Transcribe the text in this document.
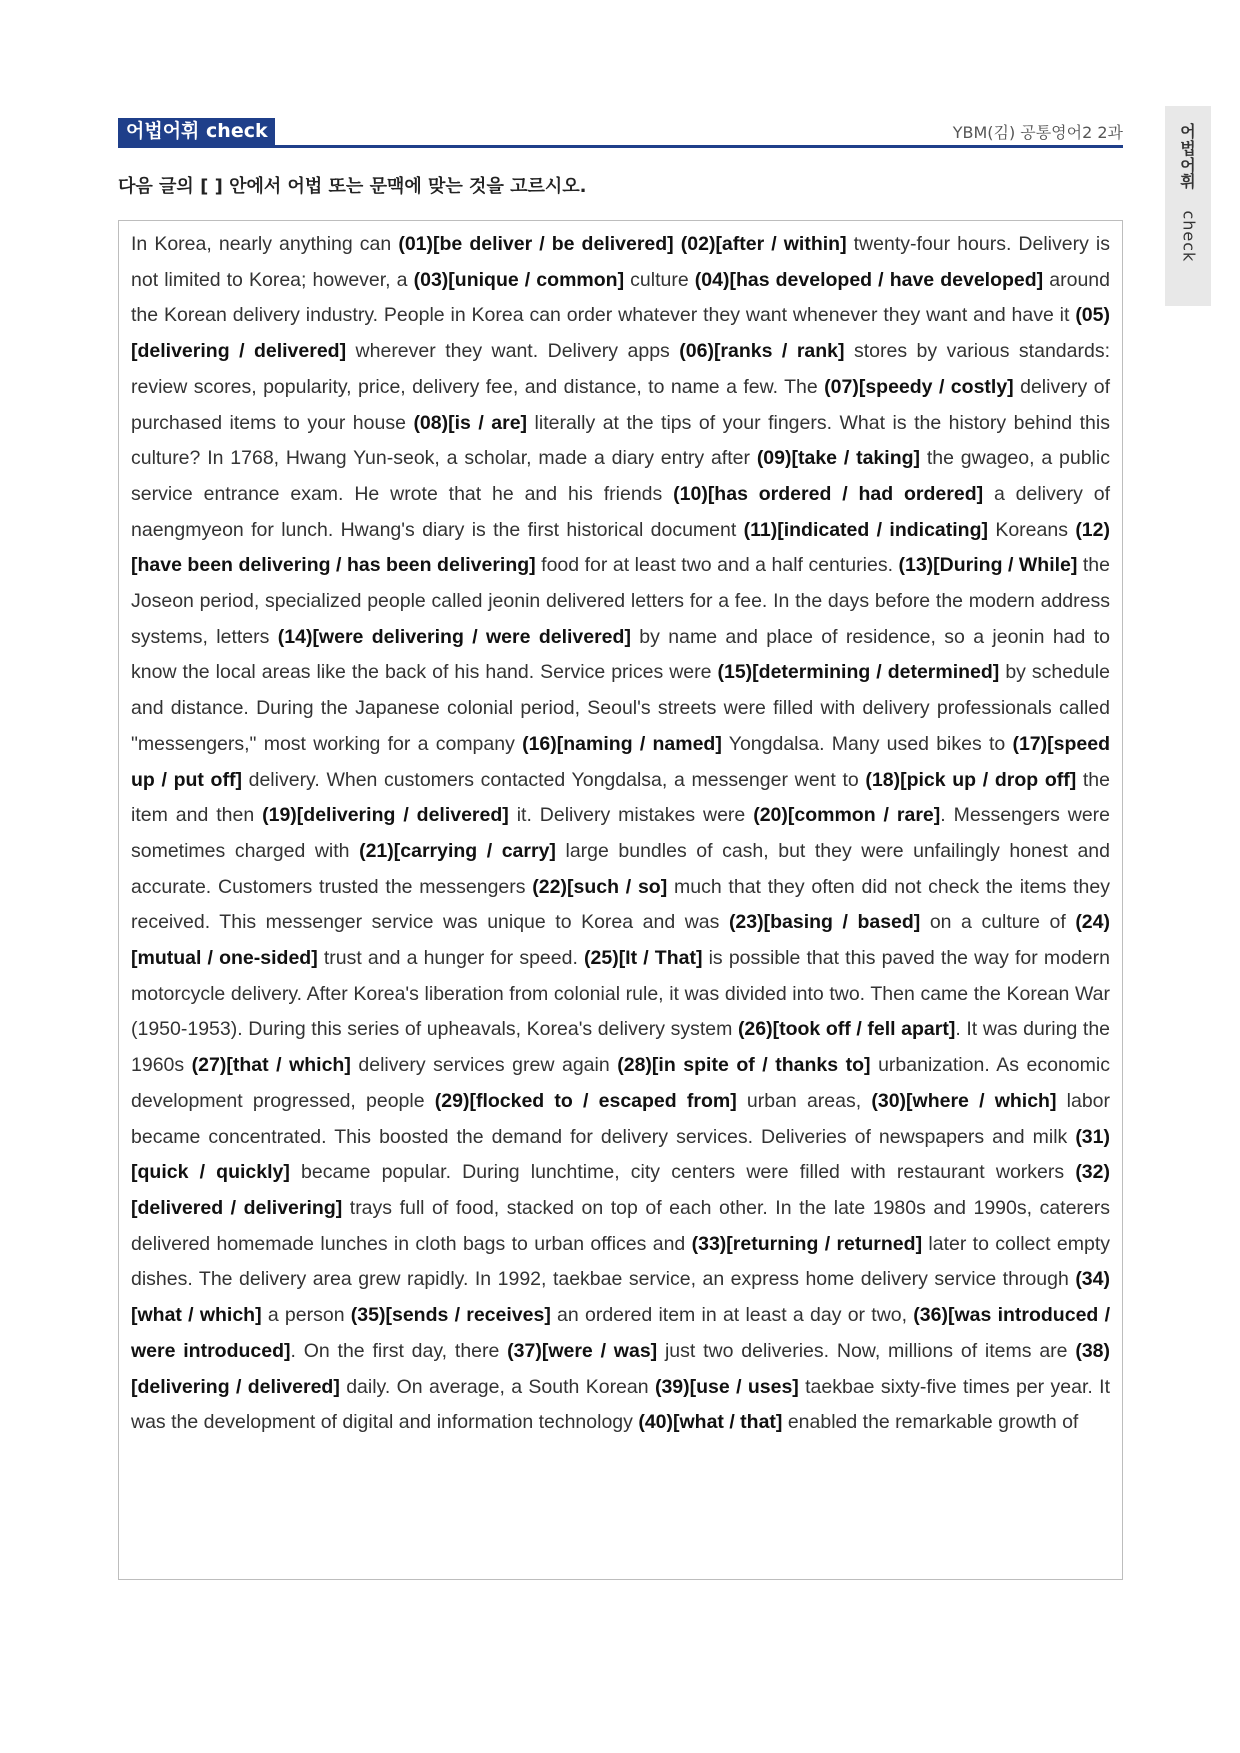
어법어휘 check	YBM(김) 공통영어2 2과	어
법
어
휘
check
다음 글의 [ ] 안에서 어법 또는 문맥에 맞는 것을 고르시오.

In Korea, nearly anything can (01)[be deliver / be delivered] (02)[after / within] twenty-four hours. Delivery is not limited to Korea; however, a (03)[unique / common] culture (04)[has developed / have developed] around the Korean delivery industry. People in Korea can order whatever they want whenever they want and have it (05)[delivering / delivered] wherever they want. Delivery apps (06)[ranks / rank] stores by various standards: review scores, popularity, price, delivery fee, and distance, to name a few. The (07)[speedy / costly] delivery of purchased items to your house (08)[is / are] literally at the tips of your fingers. What is the history behind this culture? In 1768, Hwang Yun-seok, a scholar, made a diary entry after (09)[take / taking] the gwageo, a public service entrance exam. He wrote that he and his friends (10)[has ordered / had ordered] a delivery of naengmyeon for lunch. Hwang's diary is the first historical document (11)[indicated / indicating] Koreans (12)[have been delivering / has been delivering] food for at least two and a half centuries. (13)[During / While] the Joseon period, specialized people called jeonin delivered letters for a fee. In the days before the modern address systems, letters (14)[were delivering / were delivered] by name and place of residence, so a jeonin had to know the local areas like the back of his hand. Service prices were (15)[determining / determined] by schedule and distance. During the Japanese colonial period, Seoul's streets were filled with delivery professionals called "messengers," most working for a company (16)[naming / named] Yongdalsa. Many used bikes to (17)[speed up / put off] delivery. When customers contacted Yongdalsa, a messenger went to (18)[pick up / drop off] the item and then (19)[delivering / delivered] it. Delivery mistakes were (20)[common / rare]. Messengers were sometimes charged with (21)[carrying / carry] large bundles of cash, but they were unfailingly honest and accurate. Customers trusted the messengers (22)[such / so] much that they often did not check the items they received. This messenger service was unique to Korea and was (23)[basing / based] on a culture of (24)[mutual / one-sided] trust and a hunger for speed. (25)[It / That] is possible that this paved the way for modern motorcycle delivery. After Korea's liberation from colonial rule, it was divided into two. Then came the Korean War (1950-1953). During this series of upheavals, Korea's delivery system (26)[took off / fell apart]. It was during the 1960s (27)[that / which] delivery services grew again (28)[in spite of / thanks to] urbanization. As economic development progressed, people (29)[flocked to / escaped from] urban areas, (30)[where / which] labor became concentrated. This boosted the demand for delivery services. Deliveries of newspapers and milk (31)[quick / quickly] became popular. During lunchtime, city centers were filled with restaurant workers (32)[delivered / delivering] trays full of food, stacked on top of each other. In the late 1980s and 1990s, caterers delivered homemade lunches in cloth bags to urban offices and (33)[returning / returned] later to collect empty dishes. The delivery area grew rapidly. In 1992, taekbae service, an express home delivery service through (34)[what / which] a person (35)[sends / receives] an ordered item in at least a day or two, (36)[was introduced / were introduced]. On the first day, there (37)[were / was] just two deliveries. Now, millions of items are (38)[delivering / delivered] daily. On average, a South Korean (39)[use / uses] taekbae sixty-five times per year. It was the development of digital and information technology (40)[what / that] enabled the remarkable growth of
